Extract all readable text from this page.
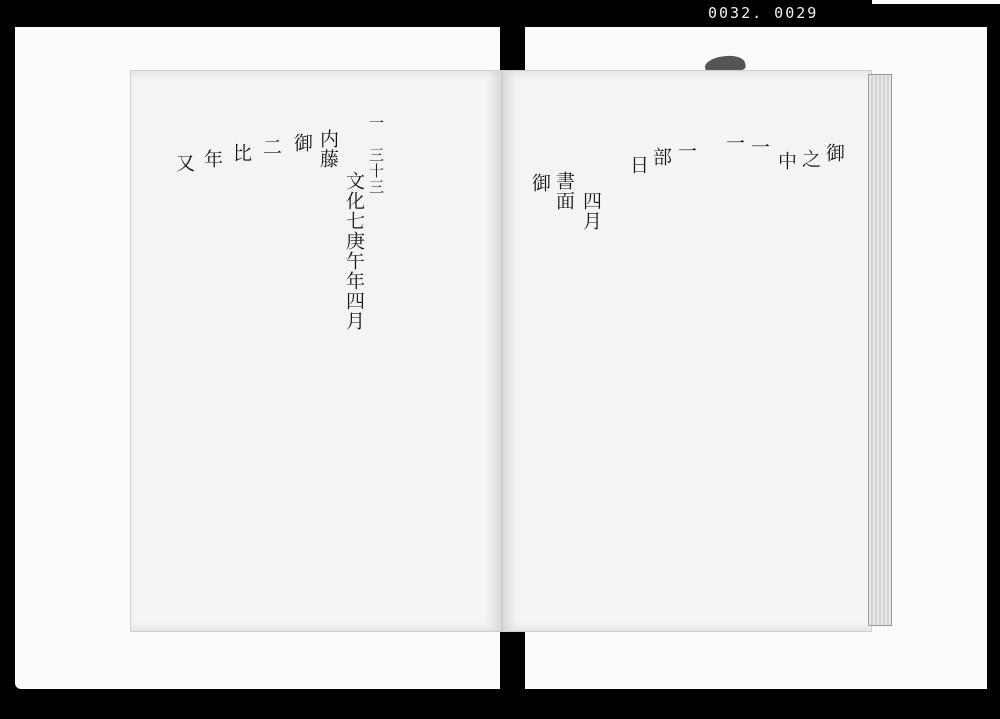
0032. 0029
一　三十三
文化七庚午年四月
内藤
御
二
比
年
又	御
之
中
一
一
一
部
日
四月
書面
御
